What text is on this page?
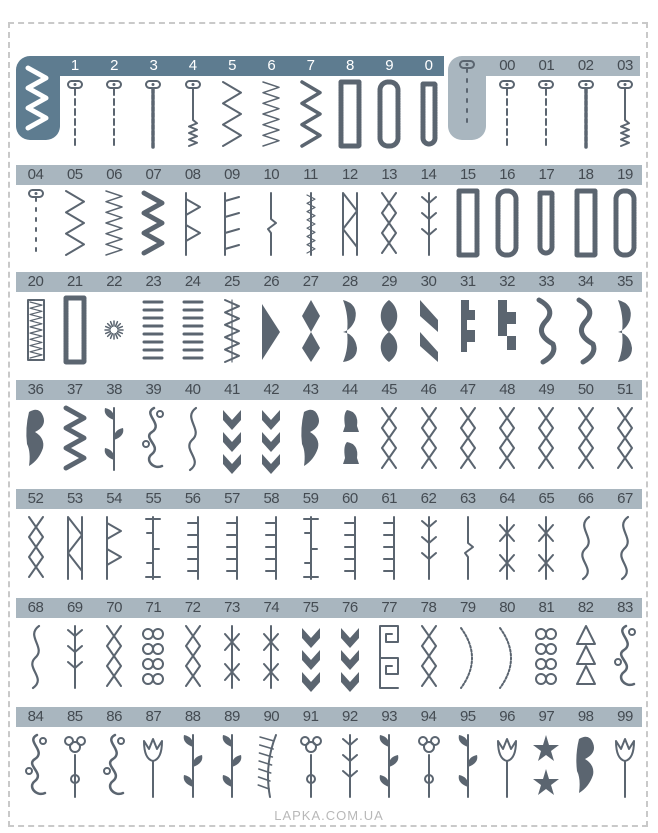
1	2	3	4	5	6	7	8	9	0	00	01	02	03
04	05	06	07	08	09	10	11	12	13	14	15	16	17	18	19
20	21	22	23	24	25	26	27	28	29	30	31	32	33	34	35
36	37	38	39	40	41	42	43	44	45	46	47	48	49	50	51
52	53	54	55	56	57	58	59	60	61	62	63	64	65	66	67
68	69	70	71	72	73	74	75	76	77	78	79	80	81	82	83
84	85	86	87	88	89	90	91	92	93	94	95	96	97	98	99
LAPKA.COM.UA
